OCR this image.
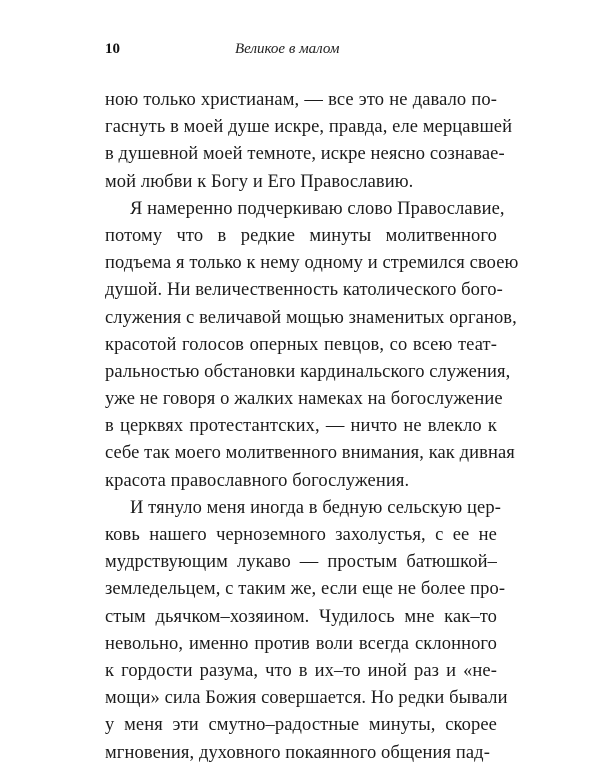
10	Великое в малом
ною только христианам, — все это не давало по-
гаснуть в моей душе искре, правда, еле мерцавшей
в душевной моей темноте, искре неясно сознавае-
мой любви к Богу и Его Православию.
Я намеренно подчеркиваю слово Православие,
потому что в редкие минуты молитвенного
подъема я только к нему одному и стремился своею
душой. Ни величественность католического бого-
служения с величавой мощью знаменитых органов,
красотой голосов оперных певцов, со всею теат-
ральностью обстановки кардинальского служения,
уже не говоря о жалких намеках на богослужение
в церквях протестантских, — ничто не влекло к
себе так моего молитвенного внимания, как дивная
красота православного богослужения.
И тянуло меня иногда в бедную сельскую цер-
ковь нашего черноземного захолустья, с ее не
мудрствующим лукаво — простым батюшкой–
земледельцем, с таким же, если еще не более про-
стым дьячком–хозяином. Чудилось мне как–то
невольно, именно против воли всегда склонного
к гордости разума, что в их–то иной раз и «не-
мощи» сила Божия совершается. Но редки бывали
у меня эти смутно–радостные минуты, скорее
мгновения, духовного покаянного общения пад-
